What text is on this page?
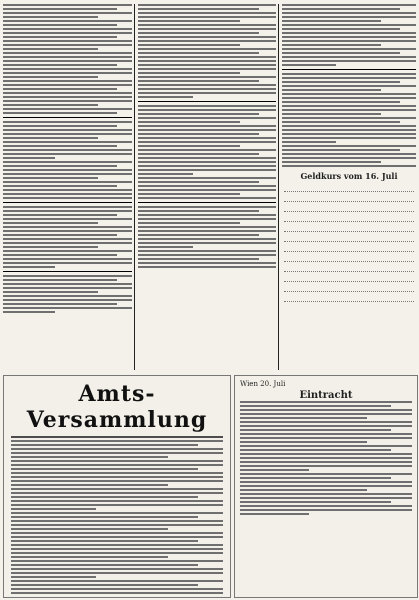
Geldkurs vom 16. Juli
Amts-Versammlung
Wien 20. Juli
Eintracht
